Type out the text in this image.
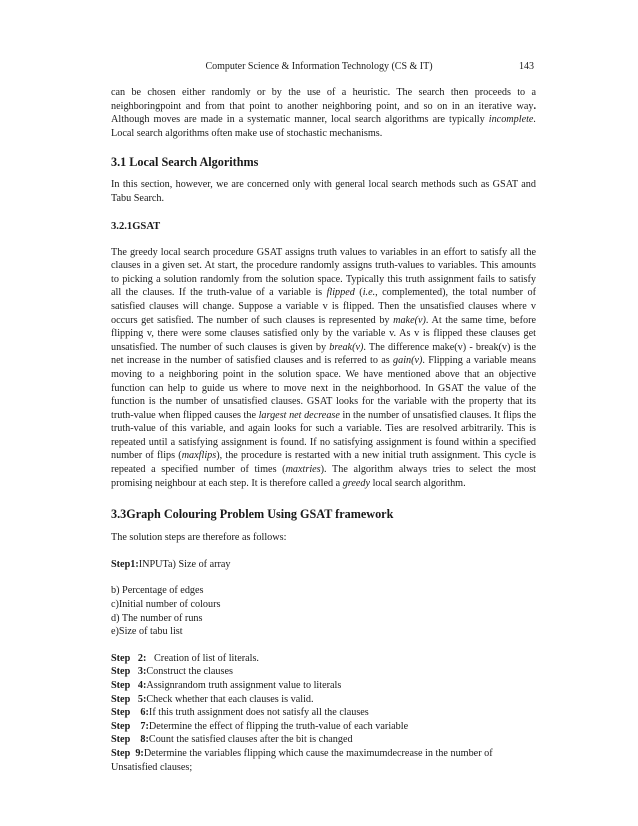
Computer Science & Information Technology (CS & IT)	143

can be chosen either randomly or by the use of a heuristic. The search then proceeds to a neighboringpoint and from that point to another neighboring point, and so on in an iterative way. Although moves are made in a systematic manner, local search algorithms are typically incomplete. Local search algorithms often make use of stochastic mechanisms.

3.1 Local Search Algorithms

In this section, however, we are concerned only with general local search methods such as GSAT and Tabu Search.

3.2.1GSAT

The greedy local search procedure GSAT assigns truth values to variables in an effort to satisfy all the clauses in a given set. At start, the procedure randomly assigns truth-values to variables. This amounts to picking a solution randomly from the solution space. Typically this truth assignment fails to satisfy all the clauses. If the truth-value of a variable is flipped (i.e., complemented), the total number of satisfied clauses will change. Suppose a variable v is flipped. Then the unsatisfied clauses where v occurs get satisfied. The number of such clauses is represented by make(v). At the same time, before flipping v, there were some clauses satisfied only by the variable v. As v is flipped these clauses get unsatisfied. The number of such clauses is given by break(v). The difference make(v) - break(v) is the net increase in the number of satisfied clauses and is referred to as gain(v). Flipping a variable means moving to a neighboring point in the solution space. We have mentioned above that an objective function can help to guide us where to move next in the neighborhood. In GSAT the value of the function is the number of unsatisfied clauses. GSAT looks for the variable with the property that its truth-value when flipped causes the largest net decrease in the number of unsatisfied clauses. It flips the truth-value of this variable, and again looks for such a variable. Ties are resolved arbitrarily. This is repeated until a satisfying assignment is found. If no satisfying assignment is found within a specified number of flips (maxflips), the procedure is restarted with a new initial truth assignment. This cycle is repeated a specified number of times (maxtries). The algorithm always tries to select the most promising neighbour at each step. It is therefore called a greedy local search algorithm.

3.3Graph Colouring Problem Using GSAT framework

The solution steps are therefore as follows:

Step1:INPUTa) Size of array
b) Percentage of edges
c)Initial number of colours
d) The number of runs
e)Size of tabu list
Step   2:   Creation of list of literals.
Step   3:Construct the clauses
Step   4:Assignrandom truth assignment value to literals
Step   5:Check whether that each clauses is valid.
Step    6:If this truth assignment does not satisfy all the clauses
Step    7:Determine the effect of flipping the truth-value of each variable
Step    8:Count the satisfied clauses after the bit is changed
Step  9:Determine the variables flipping which cause the maximumdecrease in the number of
Unsatisfied clauses;
